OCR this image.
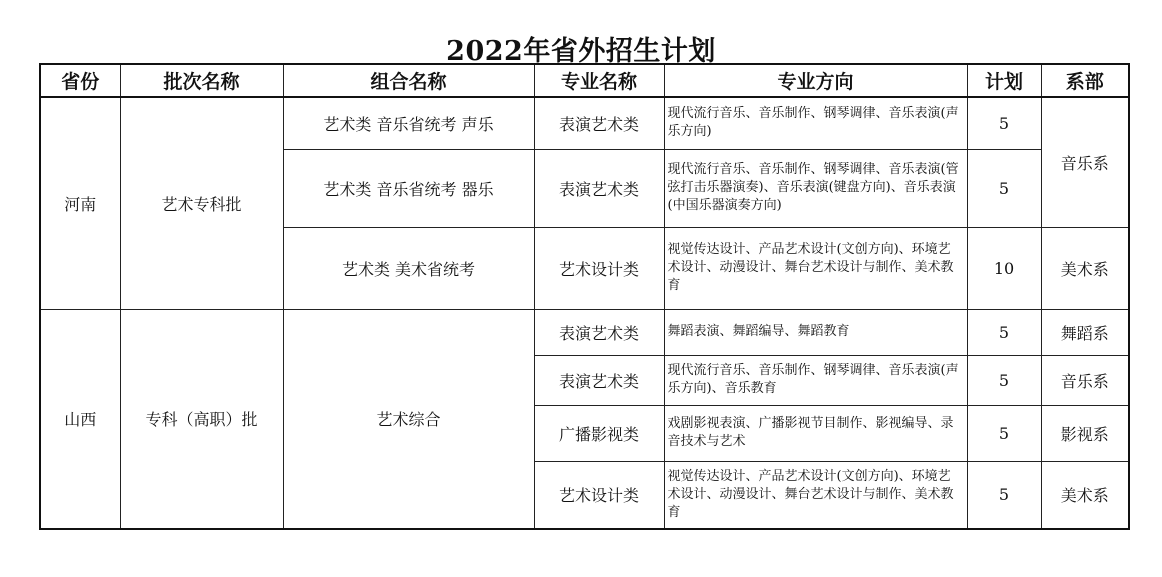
2022年省外招生计划
省份	批次名称	组合名称	专业名称	专业方向	计划	系部
河南	艺术专科批	艺术类 音乐省统考 声乐	表演艺术类	现代流行音乐、音乐制作、钢琴调律、音乐表演(声乐方向)	5	音乐系
		艺术类 音乐省统考 器乐	表演艺术类	现代流行音乐、音乐制作、钢琴调律、音乐表演(管弦打击乐器演奏)、音乐表演(键盘方向)、音乐表演(中国乐器演奏方向)	5	
		艺术类 美术省统考	艺术设计类	视觉传达设计、产品艺术设计(文创方向)、环境艺术设计、动漫设计、舞台艺术设计与制作、美术教育	10	美术系
山西	专科（高职）批	艺术综合	表演艺术类	舞蹈表演、舞蹈编导、舞蹈教育	5	舞蹈系
			表演艺术类	现代流行音乐、音乐制作、钢琴调律、音乐表演(声乐方向)、音乐教育	5	音乐系
			广播影视类	戏剧影视表演、广播影视节目制作、影视编导、录音技术与艺术	5	影视系
			艺术设计类	视觉传达设计、产品艺术设计(文创方向)、环境艺术设计、动漫设计、舞台艺术设计与制作、美术教育	5	美术系
